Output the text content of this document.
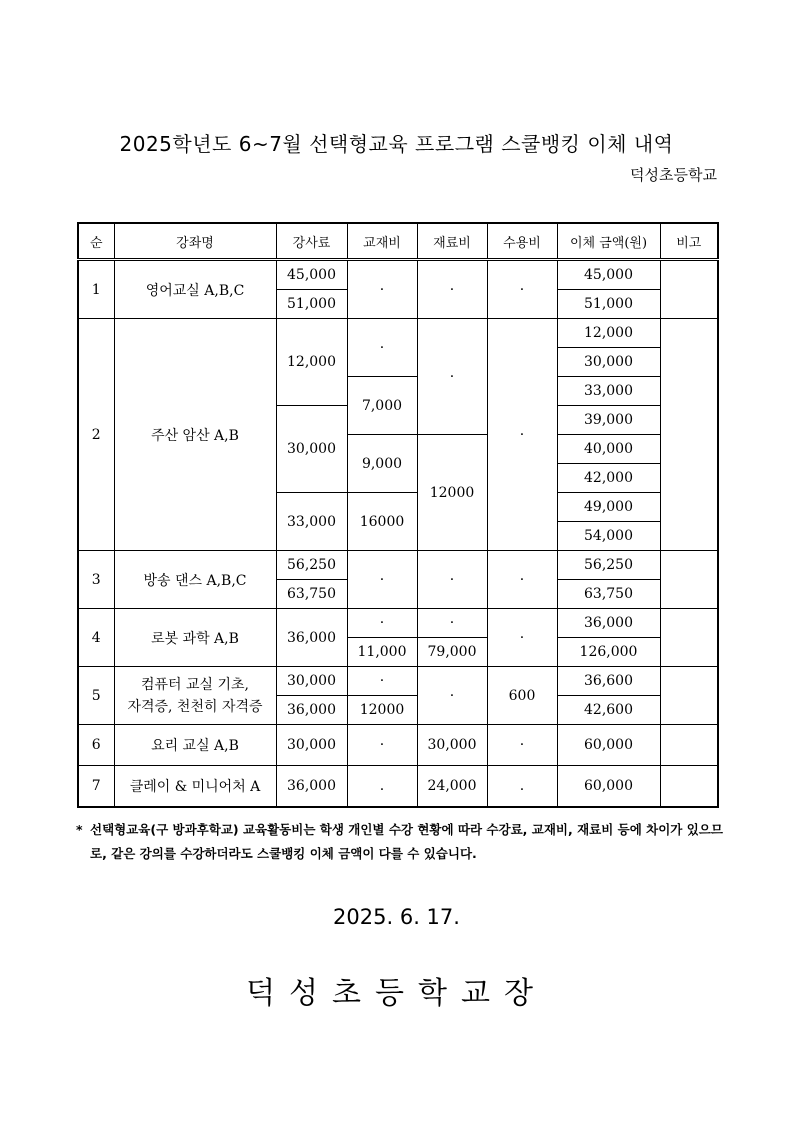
2025학년도 6~7월 선택형교육 프로그램 스쿨뱅킹 이체 내역
덕성초등학교
순	강좌명	강사료	교재비	재료비	수용비	이체 금액(원)	비고
1	영어교실 A,B,C	45,000	·	·	·	45,000	
		51,000				51,000	
2	주산 암산 A,B	12,000	·	·	·	12,000	
						30,000	
			7,000			33,000	
		30,000				39,000	
			9,000	12000		40,000	
						42,000	
		33,000	16000			49,000	
						54,000	
3	방송 댄스 A,B,C	56,250	·	·	·	56,250	
		63,750				63,750	
4	로봇 과학 A,B	36,000	·	·	·	36,000	
			11,000	79,000		126,000	
5	컴퓨터 교실 기초,
자격증, 천천히 자격증	30,000	·	·	600	36,600	
		36,000	12000			42,600	
6	요리 교실 A,B	30,000	·	30,000	·	60,000	
7	클레이 & 미니어처 A	36,000	.	24,000	.	60,000	
* 선택형교육(구 방과후학교) 교육활동비는 학생 개인별 수강 현황에 따라 수강료, 교재비, 재료비 등에 차이가 있으므로, 같은 강의를 수강하더라도 스쿨뱅킹 이체 금액이 다를 수 있습니다.
2025. 6. 17.
덕성초등학교장
